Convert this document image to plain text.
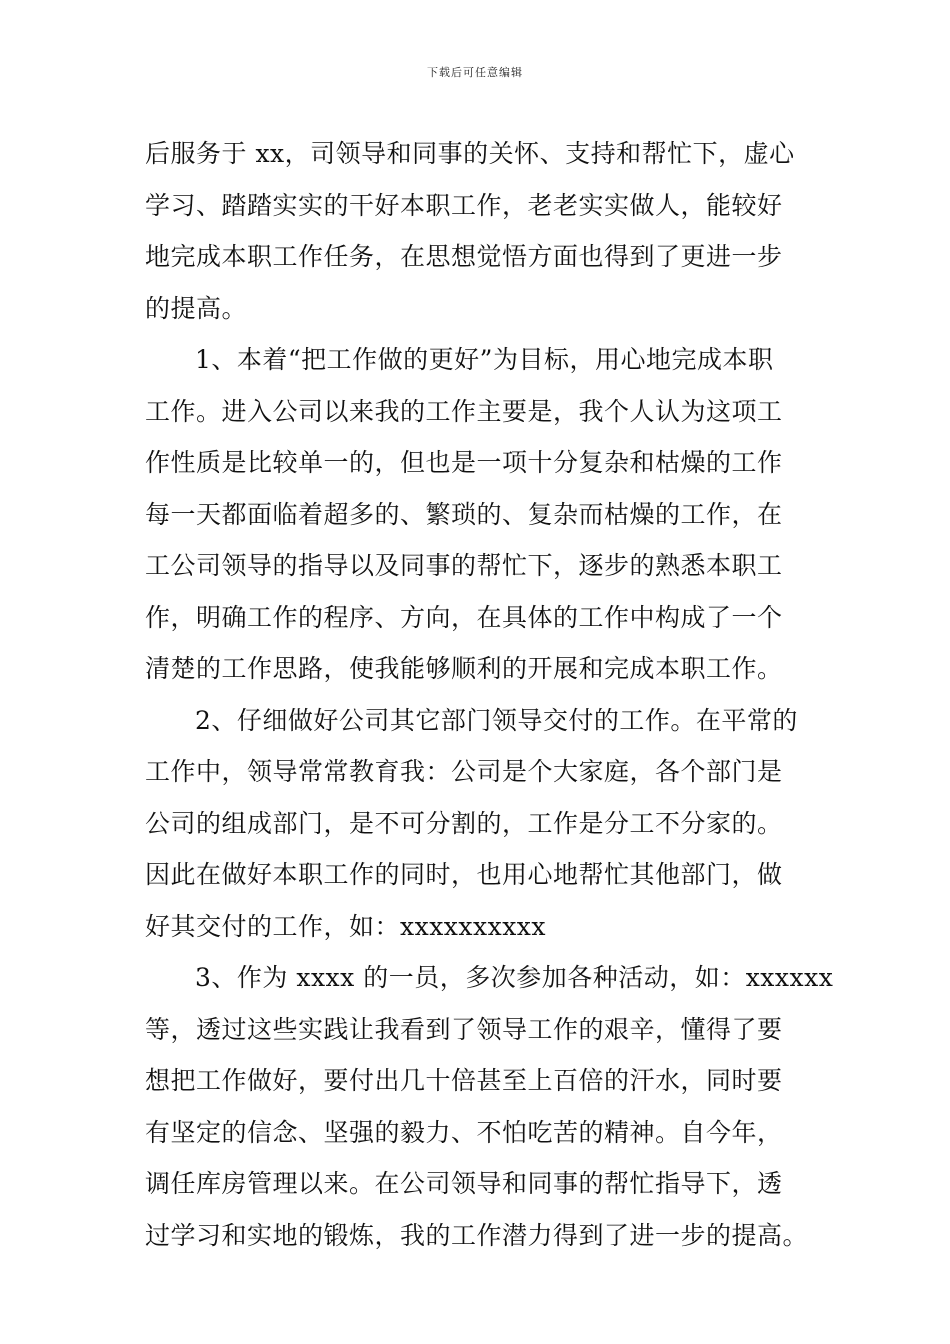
下载后可任意编辑
后服务于 xx，司领导和同事的关怀、支持和帮忙下，虚心
学习、踏踏实实的干好本职工作，老老实实做人，能较好
地完成本职工作任务，在思想觉悟方面也得到了更进一步
的提高。
1、本着“把工作做的更好”为目标，用心地完成本职
工作。进入公司以来我的工作主要是，我个人认为这项工
作性质是比较单一的，但也是一项十分复杂和枯燥的工作
每一天都面临着超多的、繁琐的、复杂而枯燥的工作，在
工公司领导的指导以及同事的帮忙下，逐步的熟悉本职工
作，明确工作的程序、方向，在具体的工作中构成了一个
清楚的工作思路，使我能够顺利的开展和完成本职工作。
2、仔细做好公司其它部门领导交付的工作。在平常的
工作中，领导常常教育我：公司是个大家庭，各个部门是
公司的组成部门，是不可分割的，工作是分工不分家的。
因此在做好本职工作的同时，也用心地帮忙其他部门，做
好其交付的工作，如：xxxxxxxxxx
3、作为 xxxx 的一员，多次参加各种活动，如：xxxxxx
等，透过这些实践让我看到了领导工作的艰辛，懂得了要
想把工作做好，要付出几十倍甚至上百倍的汗水，同时要
有坚定的信念、坚强的毅力、不怕吃苦的精神。自今年，
调任库房管理以来。在公司领导和同事的帮忙指导下，透
过学习和实地的锻炼，我的工作潜力得到了进一步的提高。
